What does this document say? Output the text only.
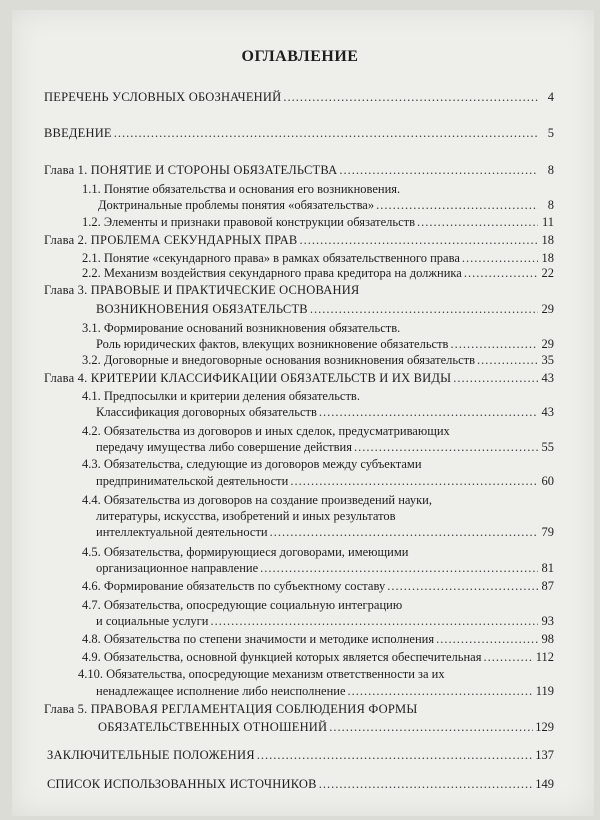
ОГЛАВЛЕНИЕ
ПЕРЕЧЕНЬ УСЛОВНЫХ ОБОЗНАЧЕНИЙ .....	4
ВВЕДЕНИЕ .....	5
Глава 1. ПОНЯТИЕ И СТОРОНЫ ОБЯЗАТЕЛЬСТВА .....	8
1.1. Понятие обязательства и основания его возникновения.
Доктринальные проблемы понятия «обязательства» .....	8
1.2. Элементы и признаки правовой конструкции обязательств .....	11
Глава 2. ПРОБЛЕМА СЕКУНДАРНЫХ ПРАВ .....	18
2.1. Понятие «секундарного права» в рамках обязательственного права .....	18
2.2. Механизм воздействия секундарного права кредитора на должника .....	22
Глава 3. ПРАВОВЫЕ И ПРАКТИЧЕСКИЕ ОСНОВАНИЯ
ВОЗНИКНОВЕНИЯ ОБЯЗАТЕЛЬСТВ .....	29
3.1. Формирование оснований возникновения обязательств.
Роль юридических фактов, влекущих возникновение обязательств .....	29
3.2. Договорные и внедоговорные основания возникновения обязательств .....	35
Глава 4. КРИТЕРИИ КЛАССИФИКАЦИИ ОБЯЗАТЕЛЬСТВ И ИХ ВИДЫ .....	43
4.1. Предпосылки и критерии деления обязательств.
Классификация договорных обязательств .....	43
4.2. Обязательства из договоров и иных сделок, предусматривающих
передачу имущества либо совершение действия .....	55
4.3. Обязательства, следующие из договоров между субъектами
предпринимательской деятельности .....	60
4.4. Обязательства из договоров на создание произведений науки,
литературы, искусства, изобретений и иных результатов
интеллектуальной деятельности .....	79
4.5. Обязательства, формирующиеся договорами, имеющими
организационное направление .....	81
4.6. Формирование обязательств по субъектному составу .....	87
4.7. Обязательства, опосредующие социальную интеграцию
и социальные услуги .....	93
4.8. Обязательства по степени значимости и методике исполнения .....	98
4.9. Обязательства, основной функцией которых является обеспечительная .....	112
4.10. Обязательства, опосредующие механизм ответственности за их
ненадлежащее исполнение либо неисполнение .....	119
Глава 5. ПРАВОВАЯ РЕГЛАМЕНТАЦИЯ СОБЛЮДЕНИЯ ФОРМЫ
ОБЯЗАТЕЛЬСТВЕННЫХ ОТНОШЕНИЙ .....	129
ЗАКЛЮЧИТЕЛЬНЫЕ ПОЛОЖЕНИЯ .....	137
СПИСОК ИСПОЛЬЗОВАННЫХ ИСТОЧНИКОВ .....	149
